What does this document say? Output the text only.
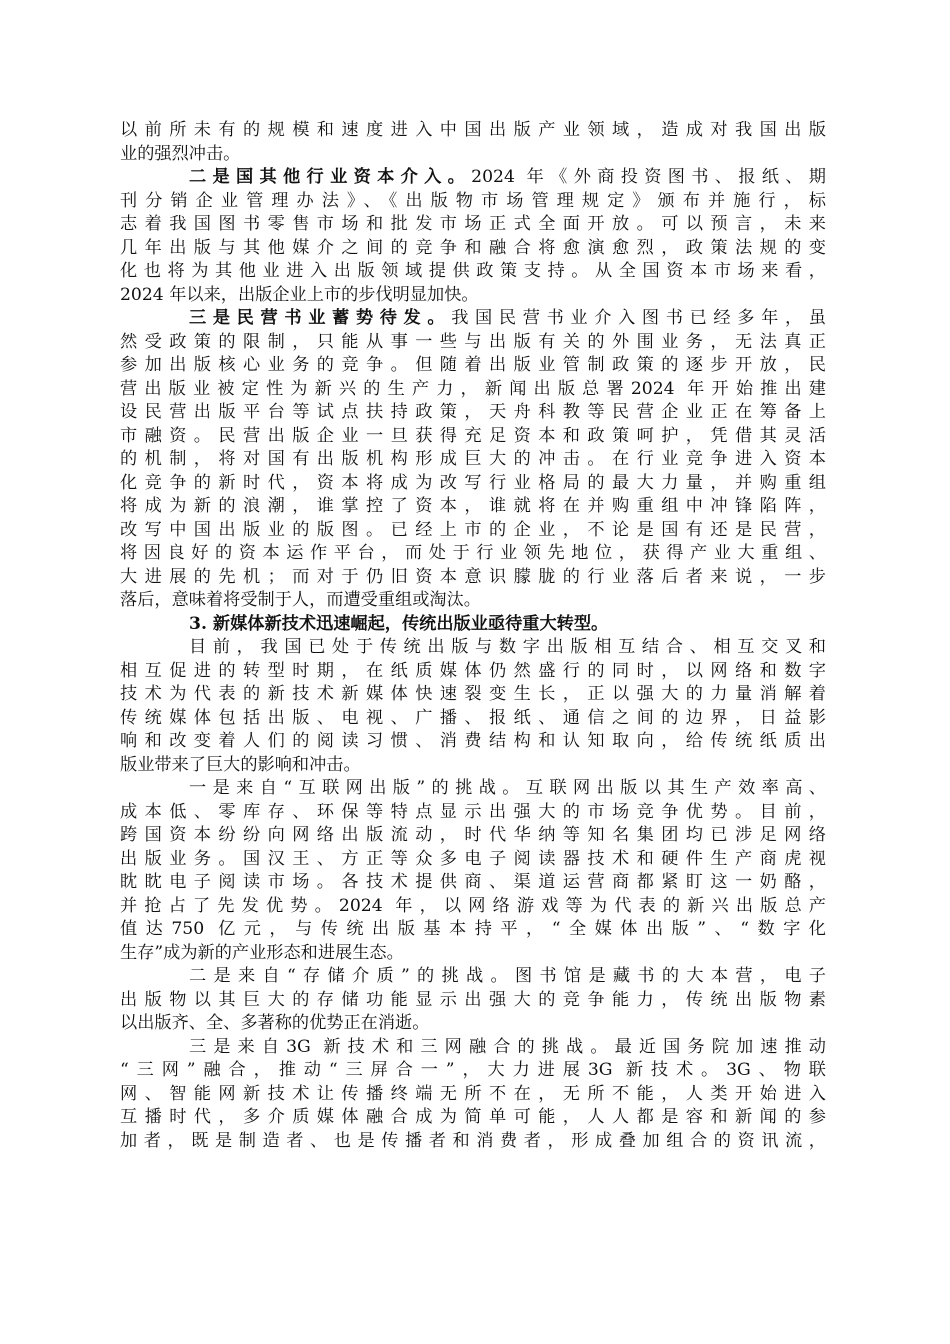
以前所未有的规模和速度进入中国出版产业领域，造成对我国出版
业的强烈冲击。
二是国其他行业资本介入。2024 年《外商投资图书、报纸、期
刊分销企业管理办法》、《出版物市场管理规定》颁布并施行，标
志着我国图书零售市场和批发市场正式全面开放。可以预言，未来
几年出版与其他媒介之间的竞争和融合将愈演愈烈，政策法规的变
化也将为其他业进入出版领域提供政策支持。从全国资本市场来看，
2024 年以来，出版企业上市的步伐明显加快。
三是民营书业蓄势待发。我国民营书业介入图书已经多年，虽
然受政策的限制，只能从事一些与出版有关的外围业务，无法真正
参加出版核心业务的竞争。但随着出版业管制政策的逐步开放，民
营出版业被定性为新兴的生产力，新闻出版总署2024 年开始推出建
设民营出版平台等试点扶持政策，天舟科教等民营企业正在筹备上
市融资。民营出版企业一旦获得充足资本和政策呵护，凭借其灵活
的机制，将对国有出版机构形成巨大的冲击。在行业竞争进入资本
化竞争的新时代，资本将成为改写行业格局的最大力量，并购重组
将成为新的浪潮，谁掌控了资本，谁就将在并购重组中冲锋陷阵，
改写中国出版业的版图。已经上市的企业，不论是国有还是民营，
将因良好的资本运作平台，而处于行业领先地位，获得产业大重组、
大进展的先机；而对于仍旧资本意识朦胧的行业落后者来说，一步
落后，意味着将受制于人，而遭受重组或淘汰。
3. 新媒体新技术迅速崛起，传统出版业亟待重大转型。
目前，我国已处于传统出版与数字出版相互结合、相互交叉和
相互促进的转型时期，在纸质媒体仍然盛行的同时，以网络和数字
技术为代表的新技术新媒体快速裂变生长，正以强大的力量消解着
传统媒体包括出版、电视、广播、报纸、通信之间的边界，日益影
响和改变着人们的阅读习惯、消费结构和认知取向，给传统纸质出
版业带来了巨大的影响和冲击。
一是来自“互联网出版”的挑战。互联网出版以其生产效率高、
成本低、零库存、环保等特点显示出强大的市场竞争优势。目前，
跨国资本纷纷向网络出版流动，时代华纳等知名集团均已涉足网络
出版业务。国汉王、方正等众多电子阅读器技术和硬件生产商虎视
眈眈电子阅读市场。各技术提供商、渠道运营商都紧盯这一奶酪，
并抢占了先发优势。2024 年，以网络游戏等为代表的新兴出版总产
值达750 亿元，与传统出版基本持平，“全媒体出版”、“数字化
生存”成为新的产业形态和进展生态。
二是来自“存储介质”的挑战。图书馆是藏书的大本营，电子
出版物以其巨大的存储功能显示出强大的竞争能力，传统出版物素
以出版齐、全、多著称的优势正在消逝。
三是来自3G 新技术和三网融合的挑战。最近国务院加速推动
“三网”融合，推动“三屏合一”，大力进展3G 新技术。3G、物联
网、智能网新技术让传播终端无所不在，无所不能，人类开始进入
互播时代，多介质媒体融合成为简单可能，人人都是容和新闻的参
加者，既是制造者、也是传播者和消费者，形成叠加组合的资讯流，
